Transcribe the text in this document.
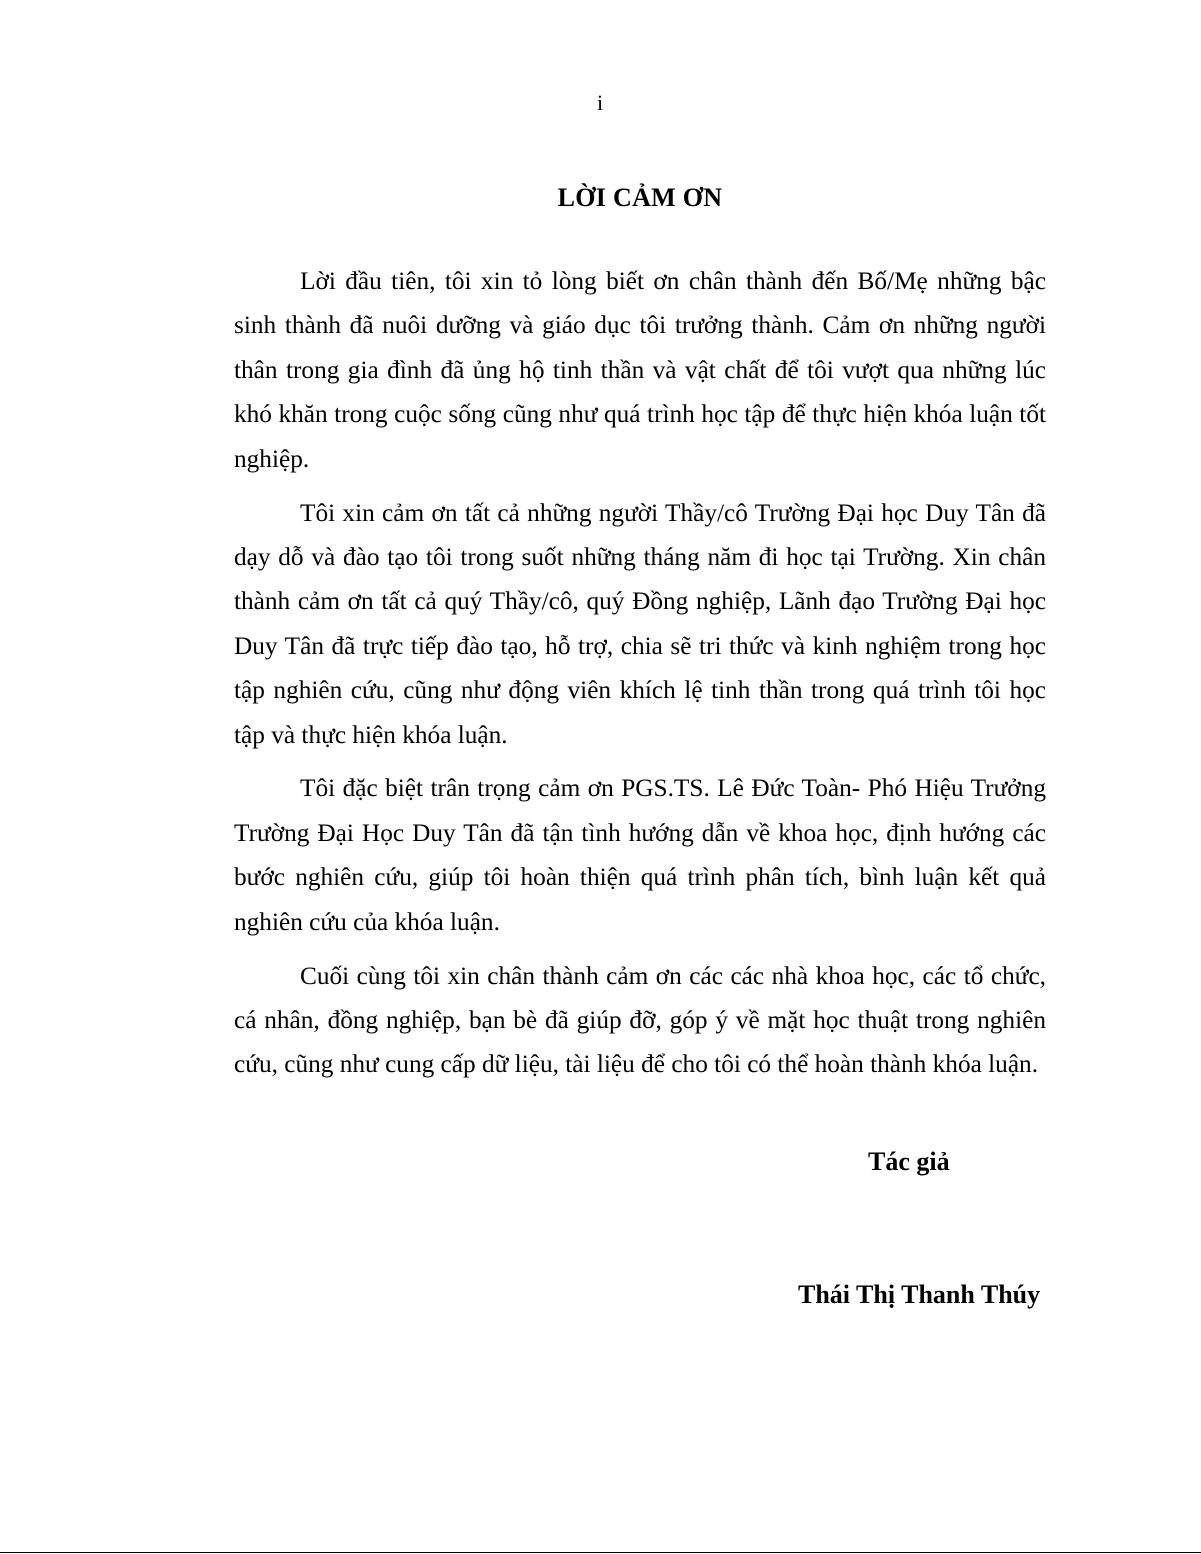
i
LỜI CẢM ƠN

Lời đầu tiên, tôi xin tỏ lòng biết ơn chân thành đến Bố/Mẹ những bậc sinh thành đã nuôi dưỡng và giáo dục tôi trưởng thành. Cảm ơn những người thân trong gia đình đã ủng hộ tinh thần và vật chất để tôi vượt qua những lúc khó khăn trong cuộc sống cũng như quá trình học tập để thực hiện khóa luận tốt nghiệp.

Tôi xin cảm ơn tất cả những người Thầy/cô Trường Đại học Duy Tân đã dạy dỗ và đào tạo tôi trong suốt những tháng năm đi học tại Trường. Xin chân thành cảm ơn tất cả quý Thầy/cô, quý Đồng nghiệp, Lãnh đạo Trường Đại học Duy Tân đã trực tiếp đào tạo, hỗ trợ, chia sẽ tri thức và kinh nghiệm trong học tập nghiên cứu, cũng như động viên khích lệ tinh thần trong quá trình tôi học tập và thực hiện khóa luận.

Tôi đặc biệt trân trọng cảm ơn PGS.TS. Lê Đức Toàn- Phó Hiệu Trưởng Trường Đại Học Duy Tân đã tận tình hướng dẫn về khoa học, định hướng các bước nghiên cứu, giúp tôi hoàn thiện quá trình phân tích, bình luận kết quả nghiên cứu của khóa luận.

Cuối cùng tôi xin chân thành cảm ơn các các nhà khoa học, các tổ chức, cá nhân, đồng nghiệp, bạn bè đã giúp đỡ, góp ý về mặt học thuật trong nghiên cứu, cũng như cung cấp dữ liệu, tài liệu để cho tôi có thể hoàn thành khóa luận.

Tác giả
Thái Thị Thanh Thúy
